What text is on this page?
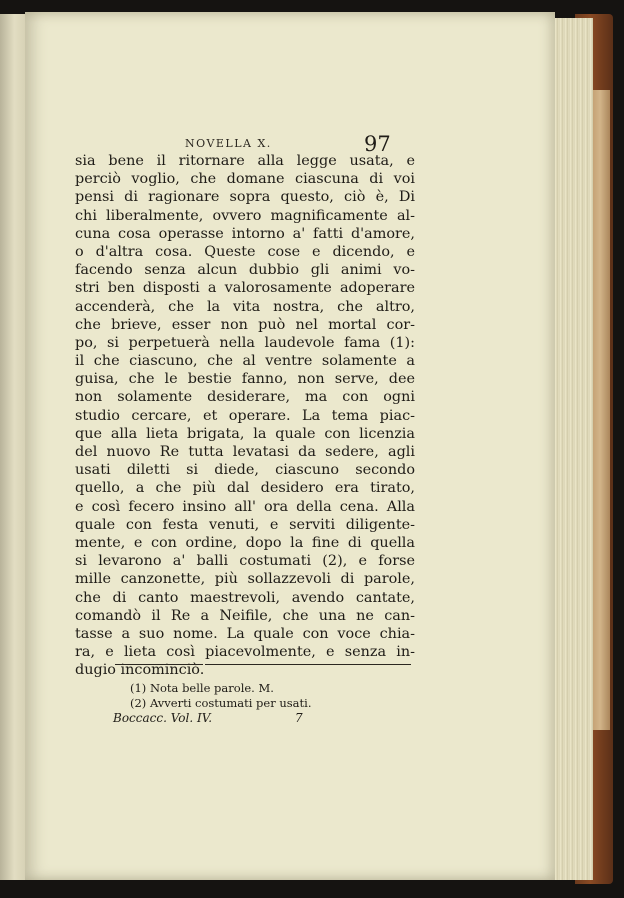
NOVELLA X.	97
sia bene il ritornare alla legge usata, e
perciò voglio, che domane ciascuna di voi
pensi di ragionare sopra questo, ciò è, Di
chi liberalmente, ovvero magnificamente al-
cuna cosa operasse intorno a' fatti d'amore,
o d'altra cosa. Queste cose e dicendo, e
facendo senza alcun dubbio gli animi vo-
stri ben disposti a valorosamente adoperare
accenderà, che la vita nostra, che altro,
che brieve, esser non può nel mortal cor-
po, si perpetuerà nella laudevole fama (1):
il che ciascuno, che al ventre solamente a
guisa, che le bestie fanno, non serve, dee
non solamente desiderare, ma con ogni
studio cercare, et operare. La tema piac-
que alla lieta brigata, la quale con licenzia
del nuovo Re tutta levatasi da sedere, agli
usati diletti si diede, ciascuno secondo
quello, a che più dal desidero era tirato,
e così fecero insino all' ora della cena. Alla
quale con festa venuti, e serviti diligente-
mente, e con ordine, dopo la fine di quella
si levarono a' balli costumati (2), e forse
mille canzonette, più sollazzevoli di parole,
che di canto maestrevoli, avendo cantate,
comandò il Re a Neifile, che una ne can-
tasse a suo nome. La quale con voce chia-
ra, e lieta così piacevolmente, e senza in-
dugio incominciò.
(1) Nota belle parole. M.
(2) Avverti costumati per usati.
Boccacc. Vol. IV.	7
